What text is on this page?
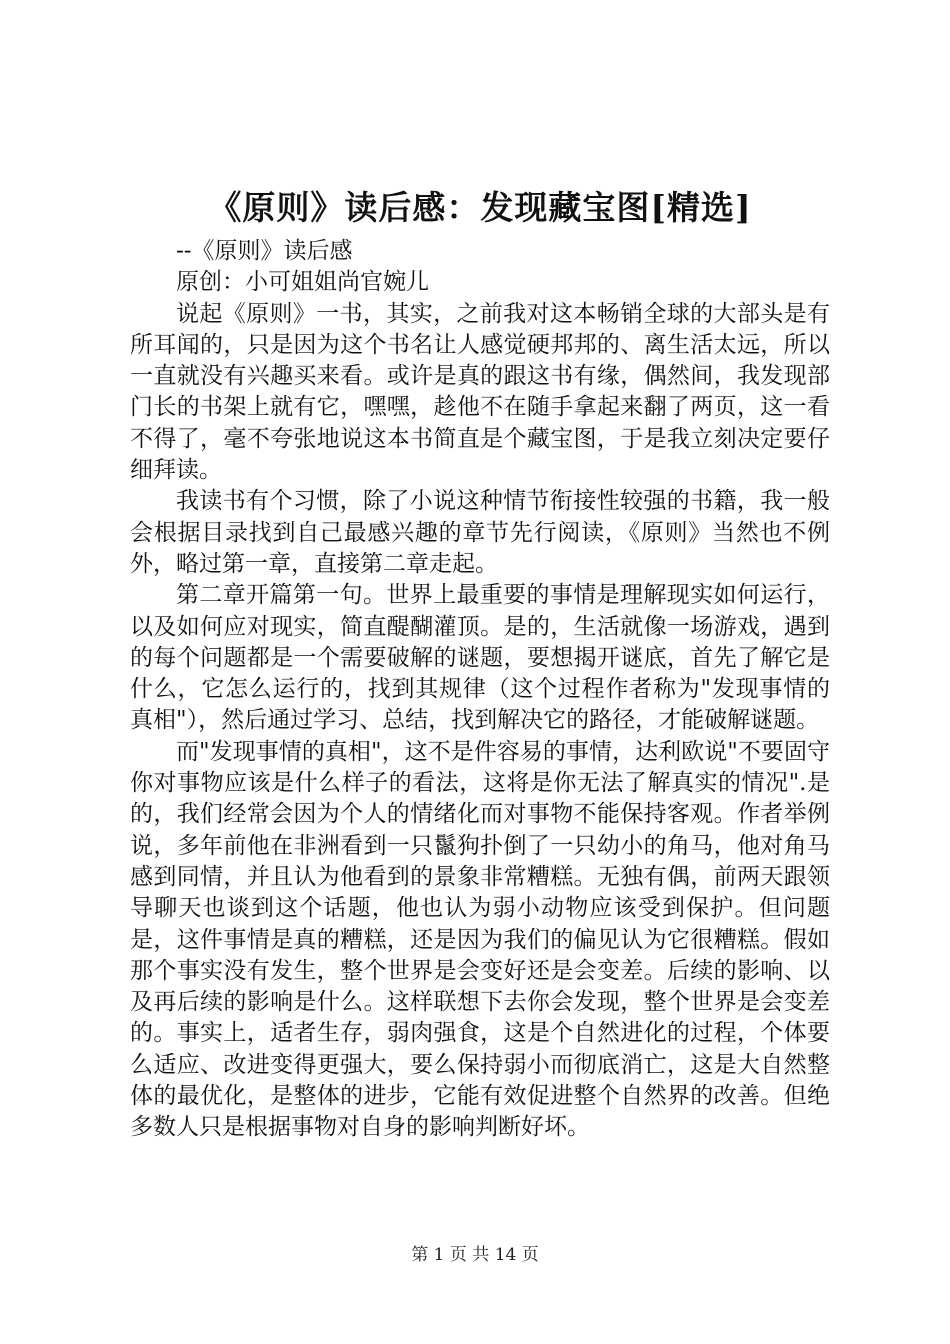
《原则》读后感：发现藏宝图[精选]

--《原则》读后感

原创：小可姐姐尚官婉儿

说起《原则》一书，其实，之前我对这本畅销全球的大部头是有所耳闻的，只是因为这个书名让人感觉硬邦邦的、离生活太远，所以一直就没有兴趣买来看。或许是真的跟这书有缘，偶然间，我发现部门长的书架上就有它，嘿嘿，趁他不在随手拿起来翻了两页，这一看不得了，毫不夸张地说这本书简直是个藏宝图，于是我立刻决定要仔细拜读。

我读书有个习惯，除了小说这种情节衔接性较强的书籍，我一般会根据目录找到自己最感兴趣的章节先行阅读，《原则》当然也不例外，略过第一章，直接第二章走起。

第二章开篇第一句。世界上最重要的事情是理解现实如何运行，以及如何应对现实，简直醍醐灌顶。是的，生活就像一场游戏，遇到的每个问题都是一个需要破解的谜题，要想揭开谜底，首先了解它是什么，它怎么运行的，找到其规律（这个过程作者称为"发现事情的真相"），然后通过学习、总结，找到解决它的路径，才能破解谜题。

而"发现事情的真相"，这不是件容易的事情，达利欧说"不要固守你对事物应该是什么样子的看法，这将是你无法了解真实的情况".是的，我们经常会因为个人的情绪化而对事物不能保持客观。作者举例说，多年前他在非洲看到一只鬣狗扑倒了一只幼小的角马，他对角马感到同情，并且认为他看到的景象非常糟糕。无独有偶，前两天跟领导聊天也谈到这个话题，他也认为弱小动物应该受到保护。但问题是，这件事情是真的糟糕，还是因为我们的偏见认为它很糟糕。假如那个事实没有发生，整个世界是会变好还是会变差。后续的影响、以及再后续的影响是什么。这样联想下去你会发现，整个世界是会变差的。事实上，适者生存，弱肉强食，这是个自然进化的过程，个体要么适应、改进变得更强大，要么保持弱小而彻底消亡，这是大自然整体的最优化，是整体的进步，它能有效促进整个自然界的改善。但绝多数人只是根据事物对自身的影响判断好坏。

第 1 页 共 14 页
